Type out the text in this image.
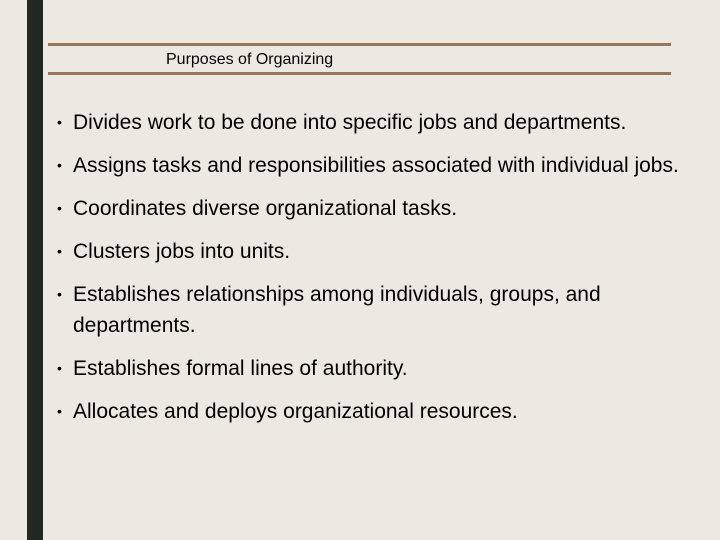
Purposes of Organizing
• Divides work to be done into specific jobs and departments.
• Assigns tasks and responsibilities associated with individual jobs.
• Coordinates diverse organizational tasks.
• Clusters jobs into units.
• Establishes relationships among individuals, groups, and departments.
• Establishes formal lines of authority.
• Allocates and deploys organizational resources.
